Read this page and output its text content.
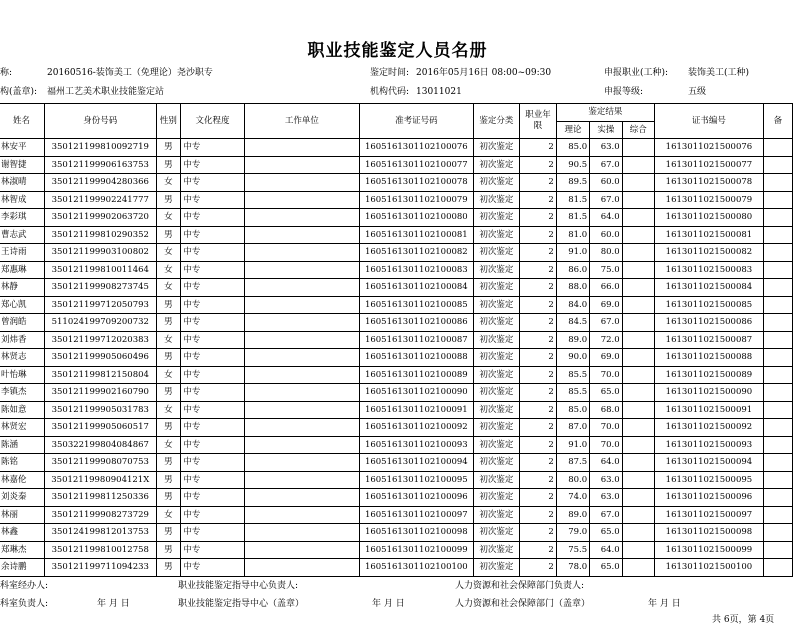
职业技能鉴定人员名册
称:	20160516-装饰美工（免理论）尧沙职专	鉴定时间: 2016年05月16日 08:00~09:30	申报职业(工种): 装饰美工(工种)
构(盖章): 福州工艺美术职业技能鉴定站	机构代码: 13011021	申报等级:	五级
姓名	身份号码	性别	文化程度	工作单位	准考证号码	鉴定分类	职业年限	鉴定结果			证书编号	备
								理论	实操	综合		
林安平	350121199810092719	男	中专		1605161301102100076	初次鉴定	2	85.0	63.0		1613011021500076	
谢智捷	350121199906163753	男	中专		1605161301102100077	初次鉴定	2	90.5	67.0		1613011021500077	
林淑晴	350121199904280366	女	中专		1605161301102100078	初次鉴定	2	89.5	60.0		1613011021500078	
林智成	350121199902241777	男	中专		1605161301102100079	初次鉴定	2	81.5	67.0		1613011021500079	
李彩琪	350121199902063720	女	中专		1605161301102100080	初次鉴定	2	81.5	64.0		1613011021500080	
曹志武	350121199810290352	男	中专		1605161301102100081	初次鉴定	2	81.0	60.0		1613011021500081	
王诗雨	350121199903100802	女	中专		1605161301102100082	初次鉴定	2	91.0	80.0		1613011021500082	
郑惠琳	350121199810011464	女	中专		1605161301102100083	初次鉴定	2	86.0	75.0		1613011021500083	
林静	350121199908273745	女	中专		1605161301102100084	初次鉴定	2	88.0	66.0		1613011021500084	
郑心凯	350121199712050793	男	中专		1605161301102100085	初次鉴定	2	84.0	69.0		1613011021500085	
曾润皓	511024199709200732	男	中专		1605161301102100086	初次鉴定	2	84.5	67.0		1613011021500086	
刘炜香	350121199712020383	女	中专		1605161301102100087	初次鉴定	2	89.0	72.0		1613011021500087	
林贤志	350121199905060496	男	中专		1605161301102100088	初次鉴定	2	90.0	69.0		1613011021500088	
叶怡琳	350121199812150804	女	中专		1605161301102100089	初次鉴定	2	85.5	70.0		1613011021500089	
李镇杰	350121199902160790	男	中专		1605161301102100090	初次鉴定	2	85.5	65.0		1613011021500090	
陈如意	350121199905031783	女	中专		1605161301102100091	初次鉴定	2	85.0	68.0		1613011021500091	
林贤宏	350121199905060517	男	中专		1605161301102100092	初次鉴定	2	87.0	70.0		1613011021500092	
陈涵	350322199804084867	女	中专		1605161301102100093	初次鉴定	2	91.0	70.0		1613011021500093	
陈铭	350121199908070753	男	中专		1605161301102100094	初次鉴定	2	87.5	64.0		1613011021500094	
林嘉伦	35012119980904121X	男	中专		1605161301102100095	初次鉴定	2	80.0	63.0		1613011021500095	
刘炎秦	350121199811250336	男	中专		1605161301102100096	初次鉴定	2	74.0	63.0		1613011021500096	
林丽	350121199908273729	女	中专		1605161301102100097	初次鉴定	2	89.0	67.0		1613011021500097	
林鑫	350124199812013753	男	中专		1605161301102100098	初次鉴定	2	79.0	65.0		1613011021500098	
郑琳杰	350121199810012758	男	中专		1605161301102100099	初次鉴定	2	75.5	64.0		1613011021500099	
余诗鹏	350121199711094233	男	中专		1605161301102100100	初次鉴定	2	78.0	65.0		1613011021500100	
科室经办人:	职业技能鉴定指导中心负责人:	人力资源和社会保障部门负责人:
科室负责人:	年 月 日	职业技能鉴定指导中心（盖章）	年 月 日	人力资源和社会保障部门（盖章）	年 月 日
共 6页，第 4页
